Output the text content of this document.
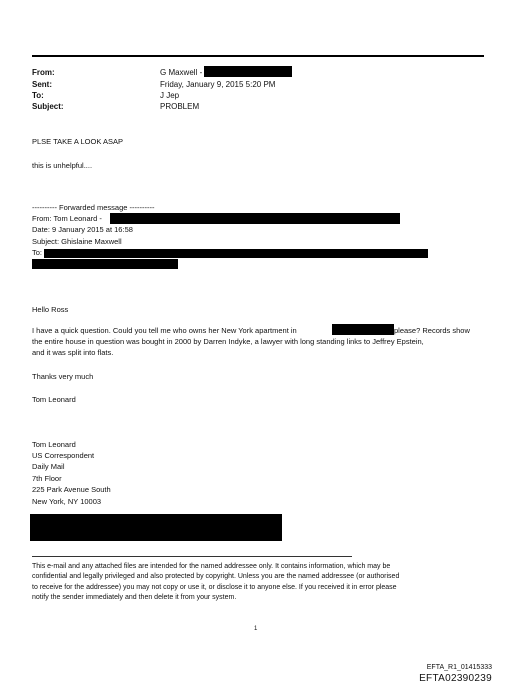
From:	G Maxwell -
Sent:	Friday, January 9, 2015 5:20 PM
To:	J Jep
Subject:	PROBLEM
PLSE TAKE A LOOK ASAP
this is unhelpful....
---------- Forwarded message ----------
From: Tom Leonard -
Date: 9 January 2015 at 16:58
Subject: Ghislaine Maxwell
To:
Hello Ross
I have a quick question. Could you tell me who owns her New York apartment in	please? Records show
the entire house in question was bought in 2000 by Darren Indyke, a lawyer with long standing links to Jeffrey Epstein,
and it was split into flats.
Thanks very much
Tom Leonard
Tom Leonard
US Correspondent
Daily Mail
7th Floor
225 Park Avenue South
New York, NY 10003
This e-mail and any attached files are intended for the named addressee only. It contains information, which may be
confidential and legally privileged and also protected by copyright. Unless you are the named addressee (or authorised
to receive for the addressee) you may not copy or use it, or disclose it to anyone else. If you received it in error please
notify the sender immediately and then delete it from your system.
1
EFTA_R1_01415333
EFTA02390239
